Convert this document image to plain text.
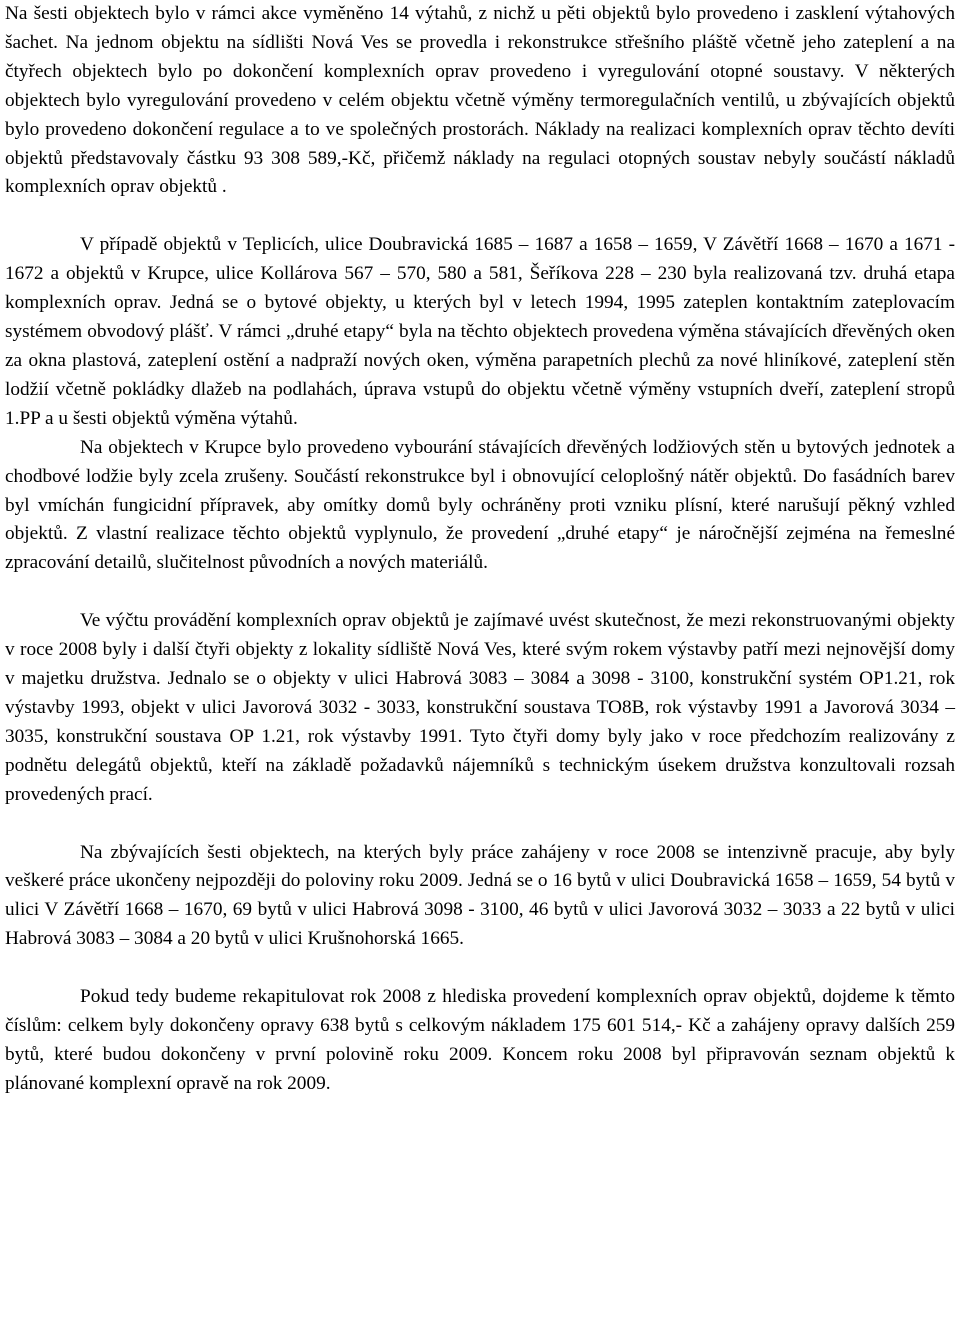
Na šesti objektech bylo v rámci akce vyměněno 14 výtahů, z nichž u pěti objektů bylo provedeno i zasklení výtahových šachet. Na jednom objektu na sídlišti Nová Ves se provedla i rekonstrukce střešního pláště včetně jeho zateplení a na čtyřech objektech bylo po dokončení komplexních oprav provedeno i vyregulování otopné soustavy. V některých objektech bylo vyregulování provedeno v celém objektu včetně výměny termoregulačních ventilů, u zbývajících objektů bylo provedeno dokončení regulace a to ve společných prostorách. Náklady na realizaci komplexních oprav těchto devíti objektů představovaly částku 93 308 589,-Kč, přičemž náklady na regulaci otopných soustav nebyly součástí nákladů komplexních oprav objektů .

V případě objektů v Teplicích, ulice Doubravická 1685 – 1687 a 1658 – 1659, V Závětří 1668 – 1670 a 1671 - 1672 a objektů v Krupce, ulice Kollárova 567 – 570, 580 a 581, Šeříkova 228 – 230 byla realizovaná tzv. druhá etapa komplexních oprav. Jedná se o bytové objekty, u kterých byl v letech 1994, 1995 zateplen kontaktním zateplovacím systémem obvodový plášť. V rámci „druhé etapy“ byla na těchto objektech provedena výměna stávajících dřevěných oken za okna plastová, zateplení ostění a nadpraží nových oken, výměna parapetních plechů za nové hliníkové, zateplení stěn lodžií včetně pokládky dlažeb na podlahách, úprava vstupů do objektu včetně výměny vstupních dveří, zateplení stropů 1.PP a u šesti objektů výměna výtahů.

Na objektech v Krupce bylo provedeno vybourání stávajících dřevěných lodžiových stěn u bytových jednotek a chodbové lodžie byly zcela zrušeny. Součástí rekonstrukce byl i obnovující celoplošný nátěr objektů. Do fasádních barev byl vmíchán fungicidní přípravek, aby omítky domů byly ochráněny proti vzniku plísní, které narušují pěkný vzhled objektů. Z vlastní realizace těchto objektů vyplynulo, že provedení „druhé etapy“ je náročnější zejména na řemeslné zpracování detailů, slučitelnost původních a nových materiálů.

Ve výčtu provádění komplexních oprav objektů je zajímavé uvést skutečnost, že mezi rekonstruovanými objekty v roce 2008 byly i další čtyři objekty z lokality sídliště Nová Ves, které svým rokem výstavby patří mezi nejnovější domy v majetku družstva. Jednalo se o objekty v ulici Habrová 3083 – 3084 a 3098 - 3100, konstrukční systém OP1.21, rok výstavby 1993, objekt v ulici Javorová 3032 - 3033, konstrukční soustava TO8B, rok výstavby 1991 a Javorová 3034 – 3035, konstrukční soustava OP 1.21, rok výstavby 1991. Tyto čtyři domy byly jako v roce předchozím realizovány z podnětu delegátů objektů, kteří na základě požadavků nájemníků s technickým úsekem družstva konzultovali rozsah provedených prací.

Na zbývajících šesti objektech, na kterých byly práce zahájeny v roce 2008 se intenzivně pracuje, aby byly veškeré práce ukončeny nejpozději do poloviny roku 2009. Jedná se o 16 bytů v ulici Doubravická 1658 – 1659, 54 bytů v ulici V Závětří 1668 – 1670, 69 bytů v ulici Habrová 3098 - 3100, 46 bytů v ulici Javorová 3032 – 3033 a 22 bytů v ulici Habrová 3083 – 3084 a 20 bytů v ulici Krušnohorská 1665.

Pokud tedy budeme rekapitulovat rok 2008 z hlediska provedení komplexních oprav objektů, dojdeme k těmto číslům: celkem byly dokončeny opravy 638 bytů s celkovým nákladem 175 601 514,- Kč a zahájeny opravy dalších 259 bytů, které budou dokončeny v první polovině roku 2009. Koncem roku 2008 byl připravován seznam objektů k plánované komplexní opravě na rok 2009.
